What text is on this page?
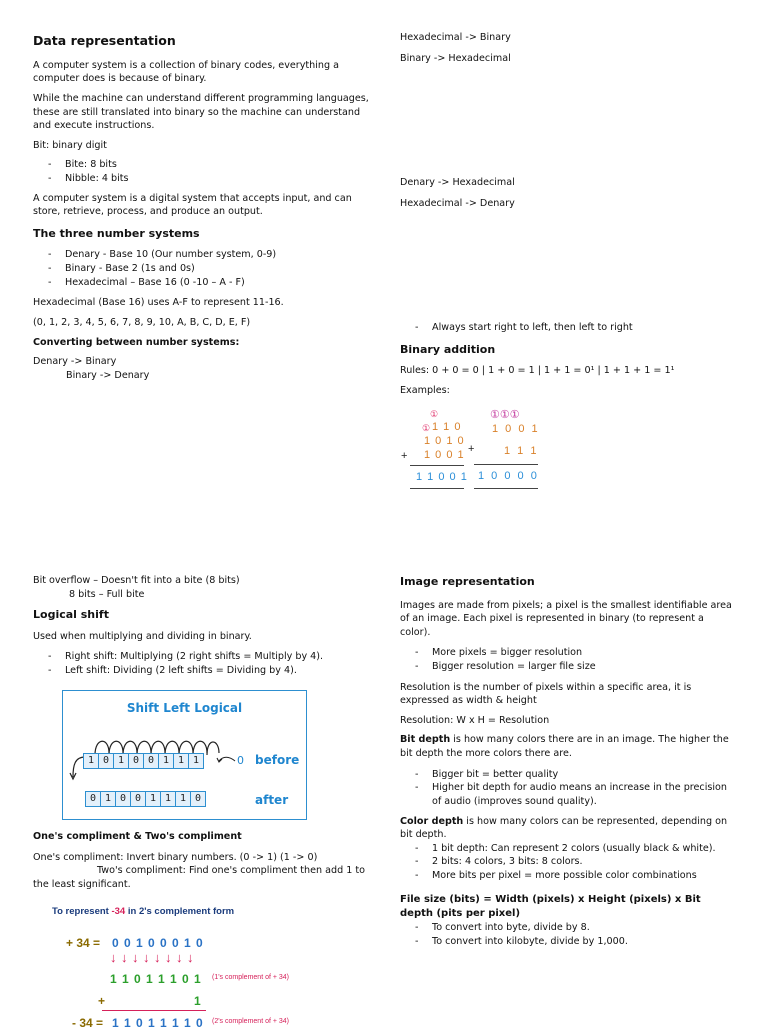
Data representation

A computer system is a collection of binary codes, everything a computer does is because of binary.

While the machine can understand different programming languages, these are still translated into binary so the machine can understand and execute instructions.

Bit: binary digit

- Bite: 8 bits
- Nibble: 4 bits

A computer system is a digital system that accepts input, and can store, retrieve, process, and produce an output.

The three number systems
- Denary - Base 10 (Our number system, 0-9)
- Binary - Base 2 (1s and 0s)
- Hexadecimal – Base 16 (0 -10 – A - F)

Hexadecimal (Base 16) uses A-F to represent 11-16.

(0, 1, 2, 3, 4, 5, 6, 7, 8, 9, 10, A, B, C, D, E, F)

Converting between number systems:

Denary -> Binary

Binary -> Denary

Bit overflow – Doesn't fit into a bite (8 bits)

8 bits – Full bite

Logical shift

Used when multiplying and dividing in binary.

- Right shift: Multiplying (2 right shifts = Multiply by 4).
- Left shift: Dividing (2 left shifts = Dividing by 4).
Shift Left Logical
1 0 1 0 0 1 1 1	0 before
0 1 0 0 1 1 1 0	after

One's compliment & Two's compliment

One's compliment: Invert binary numbers. (0 -> 1) (1 -> 0)

Two's compliment: Find one's compliment then add 1 to the least significant.

To represent -34 in 2's complement form
+ 34 = 0 0 1 0 0 0 1 0
↓↓↓↓↓↓↓↓
1 1 0 1 1 1 0 1 (1's complement of + 34)
+	1
- 34 = 1 1 0 1 1 1 1 0 (2's complement of + 34)

Hexadecimal -> Binary

Binary -> Hexadecimal

Denary -> Hexadecimal

Hexadecimal -> Denary

- Always start right to left, then left to right
Binary addition

Rules: 0 + 0 = 0 | 1 + 0 = 1 | 1 + 1 = 0¹ | 1 + 1 + 1 = 1¹

Examples:

①
① 1 1 0
1 0 1 0
1 0 0 1
+
1 1 0 0 1
①①①
1 0 0 1
+	1 1 1
1 0 0 0 0
Image representation

Images are made from pixels; a pixel is the smallest identifiable area of an image. Each pixel is represented in binary (to represent a color).

- More pixels = bigger resolution
- Bigger resolution = larger file size

Resolution is the number of pixels within a specific area, it is expressed as width & height

Resolution: W x H = Resolution

Bit depth is how many colors there are in an image. The higher the bit depth the more colors there are.

- Bigger bit = better quality
- Higher bit depth for audio means an increase in the precision of audio (improves sound quality).

Color depth is how many colors can be represented, depending on bit depth.

- 1 bit depth: Can represent 2 colors (usually black & white).
- 2 bits: 4 colors, 3 bits: 8 colors.
- More bits per pixel = more possible color combinations

File size (bits) = Width (pixels) x Height (pixels) x Bit depth (pits per pixel)

- To convert into byte, divide by 8.
- To convert into kilobyte, divide by 1,000.
